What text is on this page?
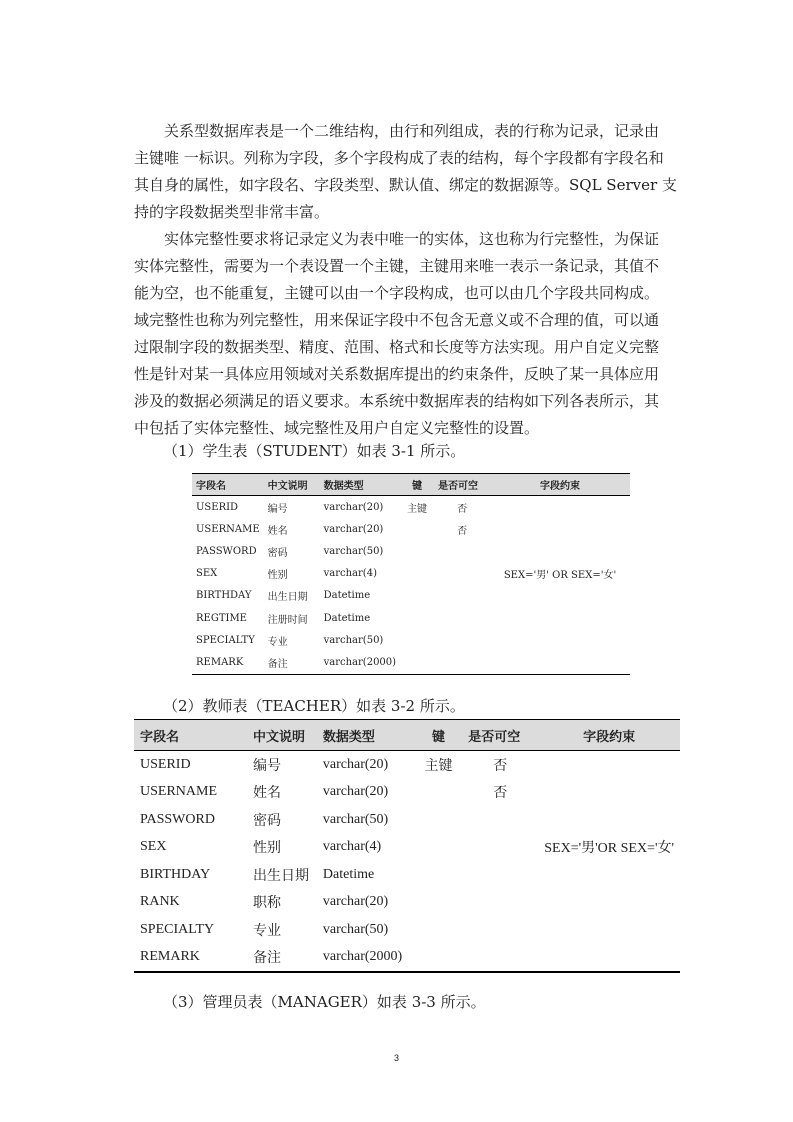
关系型数据库表是一个二维结构，由行和列组成，表的行称为记录，记录由
主键唯 一标识。列称为字段，多个字段构成了表的结构，每个字段都有字段名和
其自身的属性，如字段名、字段类型、默认值、绑定的数据源等。SQL Server 支
持的字段数据类型非常丰富。
实体完整性要求将记录定义为表中唯一的实体，这也称为行完整性，为保证
实体完整性，需要为一个表设置一个主键，主键用来唯一表示一条记录，其值不
能为空，也不能重复，主键可以由一个字段构成，也可以由几个字段共同构成。
域完整性也称为列完整性，用来保证字段中不包含无意义或不合理的值，可以通
过限制字段的数据类型、精度、范围、格式和长度等方法实现。用户自定义完整
性是针对某一具体应用领域对关系数据库提出的约束条件，反映了某一具体应用
涉及的数据必须满足的语义要求。本系统中数据库表的结构如下列各表所示，其
中包括了实体完整性、域完整性及用户自定义完整性的设置。

（1）学生表（STUDENT）如表 3-1 所示。

字段名	中文说明	数据类型	键	是否可空	字段约束
USERID	编号	varchar(20)	主键	否	
USERNAME	姓名	varchar(20)		否	
PASSWORD	密码	varchar(50)			
SEX	性别	varchar(4)			SEX='男' OR SEX='女'
BIRTHDAY	出生日期	Datetime			
REGTIME	注册时间	Datetime			
SPECIALTY	专业	varchar(50)			
REMARK	备注	varchar(2000)			

（2）教师表（TEACHER）如表 3-2 所示。

字段名	中文说明	数据类型	键	是否可空	字段约束
USERID	编号	varchar(20)	主键	否	
USERNAME	姓名	varchar(20)		否	
PASSWORD	密码	varchar(50)			
SEX	性别	varchar(4)			SEX='男'OR SEX='女'
BIRTHDAY	出生日期	Datetime			
RANK	职称	varchar(20)			
SPECIALTY	专业	varchar(50)			
REMARK	备注	varchar(2000)			

（3）管理员表（MANAGER）如表 3-3 所示。

3
